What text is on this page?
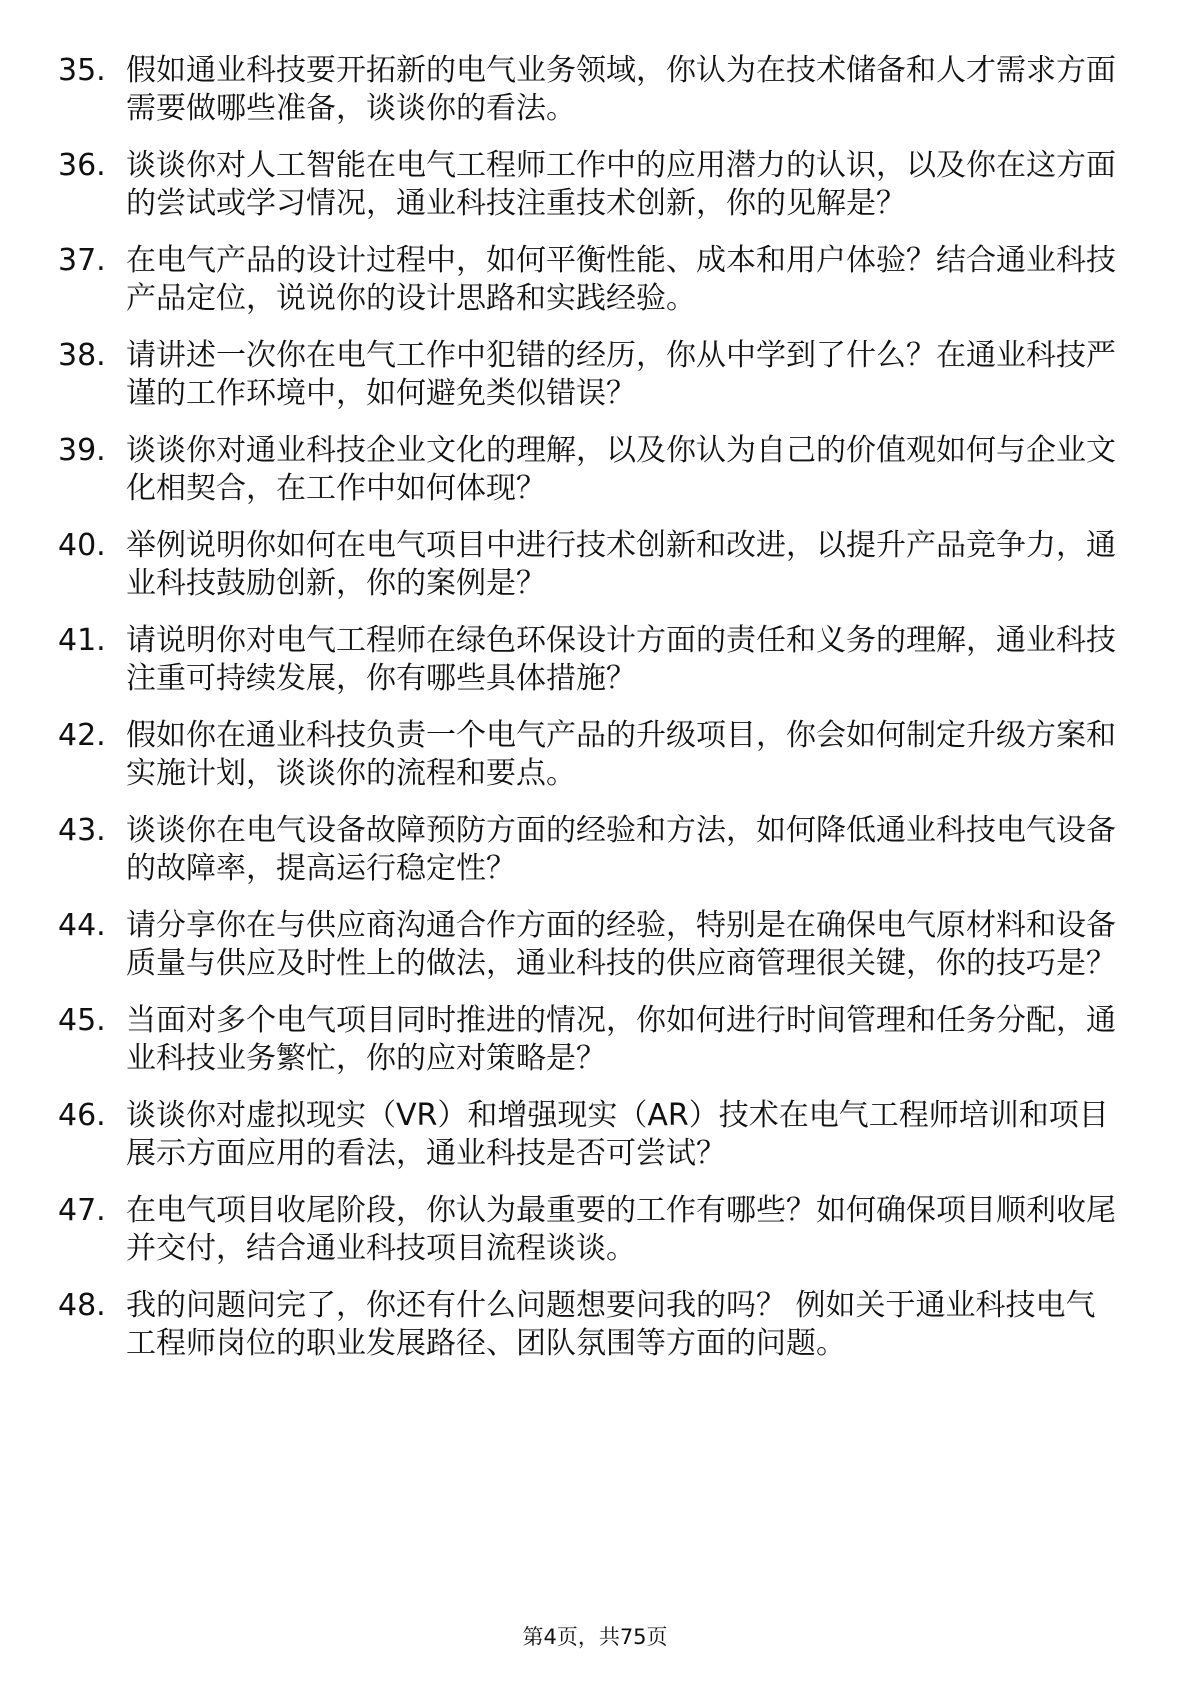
35. 假如通业科技要开拓新的电气业务领域，你认为在技术储备和人才需求方面需要做哪些准备，谈谈你的看法。
36. 谈谈你对人工智能在电气工程师工作中的应用潜力的认识，以及你在这方面的尝试或学习情况，通业科技注重技术创新，你的见解是？
37. 在电气产品的设计过程中，如何平衡性能、成本和用户体验？结合通业科技产品定位，说说你的设计思路和实践经验。
38. 请讲述一次你在电气工作中犯错的经历，你从中学到了什么？在通业科技严谨的工作环境中，如何避免类似错误？
39. 谈谈你对通业科技企业文化的理解，以及你认为自己的价值观如何与企业文化相契合，在工作中如何体现？
40. 举例说明你如何在电气项目中进行技术创新和改进，以提升产品竞争力，通业科技鼓励创新，你的案例是？
41. 请说明你对电气工程师在绿色环保设计方面的责任和义务的理解，通业科技注重可持续发展，你有哪些具体措施？
42. 假如你在通业科技负责一个电气产品的升级项目，你会如何制定升级方案和实施计划，谈谈你的流程和要点。
43. 谈谈你在电气设备故障预防方面的经验和方法，如何降低通业科技电气设备的故障率，提高运行稳定性？
44. 请分享你在与供应商沟通合作方面的经验，特别是在确保电气原材料和设备质量与供应及时性上的做法，通业科技的供应商管理很关键，你的技巧是？
45. 当面对多个电气项目同时推进的情况，你如何进行时间管理和任务分配，通业科技业务繁忙，你的应对策略是？
46. 谈谈你对虚拟现实（VR）和增强现实（AR）技术在电气工程师培训和项目展示方面应用的看法，通业科技是否可尝试？
47. 在电气项目收尾阶段，你认为最重要的工作有哪些？如何确保项目顺利收尾并交付，结合通业科技项目流程谈谈。
48. 我的问题问完了，你还有什么问题想要问我的吗？ 例如关于通业科技电气工程师岗位的职业发展路径、团队氛围等方面的问题。
第4页，共75页
